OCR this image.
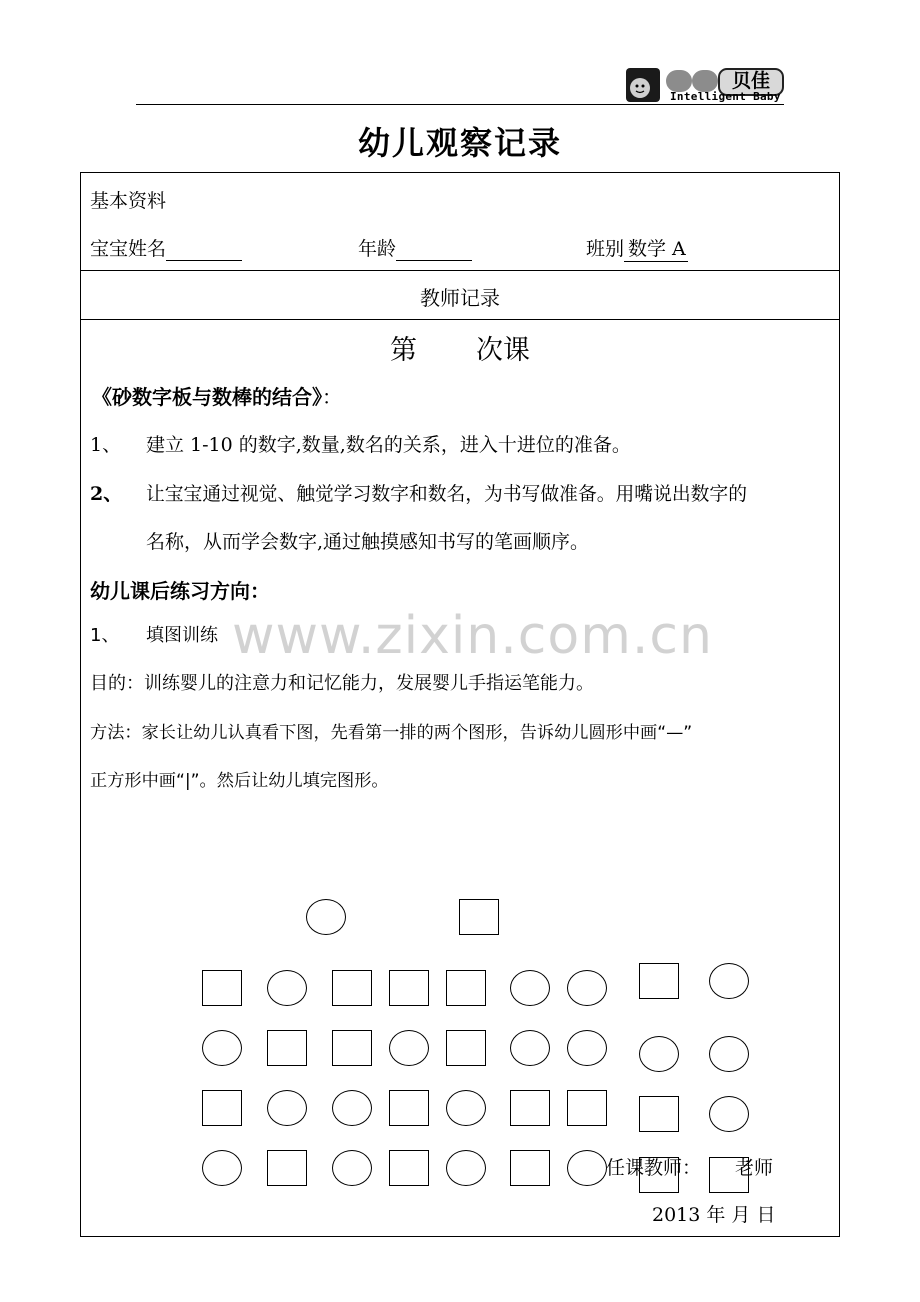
贝佳
Intelligent Baby
幼儿观察记录
基本资料
宝宝姓名	年龄	班别 数学 A
教师记录
第 次课
《砂数字板与数棒的结合》：
1、 建立 1-10 的数字,数量,数名的关系，进入十进位的准备。
2、 让宝宝通过视觉、触觉学习数字和数名，为书写做准备。用嘴说出数字的
名称，从而学会数字,通过触摸感知书写的笔画顺序。
幼儿课后练习方向：
1、 填图训练 www.zixin.com.cn
目的：训练婴儿的注意力和记忆能力，发展婴儿手指运笔能力。
方法：家长让幼儿认真看下图，先看第一排的两个图形，告诉幼儿圆形中画“—”
正方形中画“|”。然后让幼儿填完图形。
任课教师： 老师
2013 年 月 日
